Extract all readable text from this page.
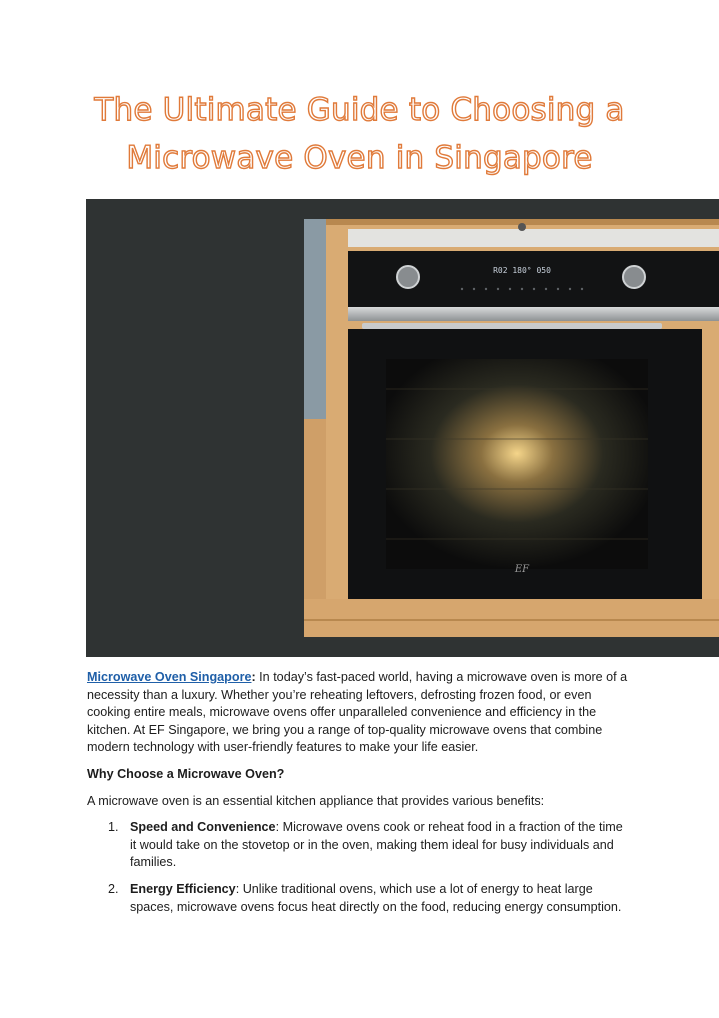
The Ultimate Guide to Choosing a
Microwave Oven in Singapore
R02 180° 050
EF

Microwave Oven Singapore: In today’s fast-paced world, having a microwave oven is more of a necessity than a luxury. Whether you’re reheating leftovers, defrosting frozen food, or even cooking entire meals, microwave ovens offer unparalleled convenience and efficiency in the kitchen. At EF Singapore, we bring you a range of top-quality microwave ovens that combine modern technology with user-friendly features to make your life easier.

Why Choose a Microwave Oven?

A microwave oven is an essential kitchen appliance that provides various benefits:

1. Speed and Convenience: Microwave ovens cook or reheat food in a fraction of the time it would take on the stovetop or in the oven, making them ideal for busy individuals and families.
2. Energy Efficiency: Unlike traditional ovens, which use a lot of energy to heat large spaces, microwave ovens focus heat directly on the food, reducing energy consumption.
